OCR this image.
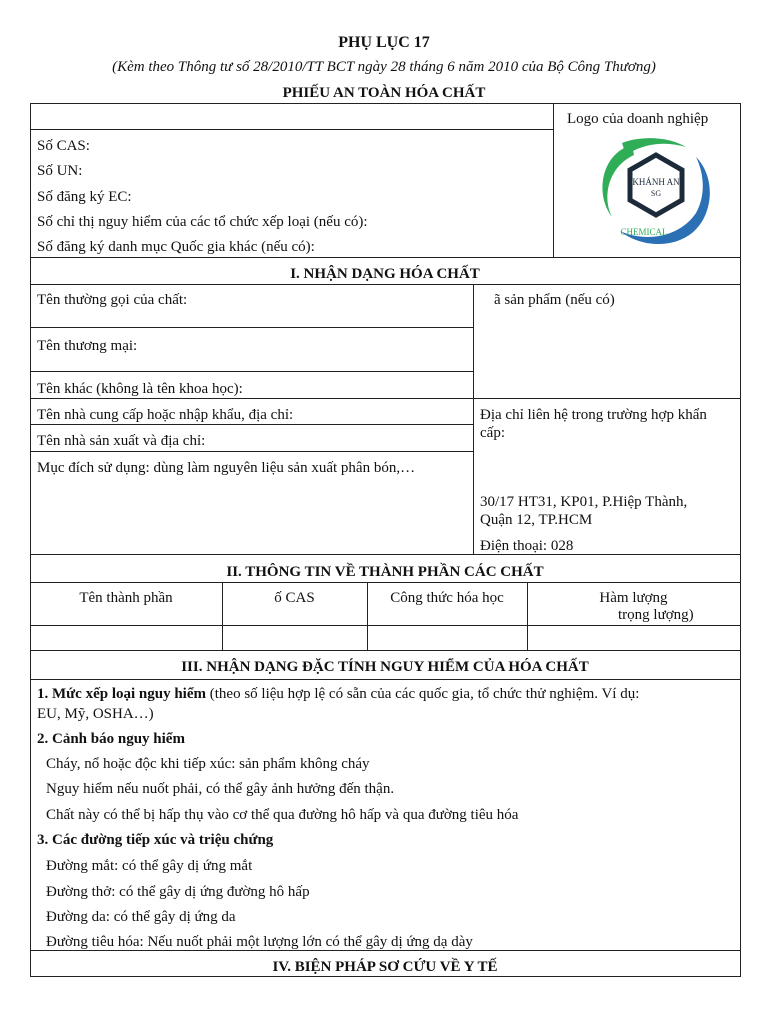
PHỤ LỤC 17
(Kèm theo Thông tư số 28/2010/TT BCT ngày 28 tháng 6 năm 2010 của Bộ Công Thương)
PHIẾU AN TOÀN HÓA CHẤT
Logo của doanh nghiệp
KHÁNH AN
SG
CHEMICAL
Số CAS:
Số UN:
Số đăng ký EC:
Số chỉ thị nguy hiểm của các tổ chức xếp loại (nếu có):
Số đăng ký danh mục Quốc gia khác (nếu có):
I. NHẬN DẠNG HÓA CHẤT
Tên thường gọi của chất:	ã sản phẩm (nếu có)
Tên thương mại:
Tên khác (không là tên khoa học):
Tên nhà cung cấp hoặc nhập khẩu, địa chỉ:
Tên nhà sản xuất và địa chỉ:
Mục đích sử dụng: dùng làm nguyên liệu sản xuất phân bón,…
Địa chỉ liên hệ trong trường hợp khẩn cấp:
30/17 HT31, KP01, P.Hiệp Thành,
Quận 12, TP.HCM
Điện thoại: 028
II. THÔNG TIN VỀ THÀNH PHẦN CÁC CHẤT
Tên thành phần	ố CAS	Công thức hóa học	Hàm lượng
trọng lượng)
III. NHẬN DẠNG ĐẶC TÍNH NGUY HIỂM CỦA HÓA CHẤT
1. Mức xếp loại nguy hiểm (theo số liệu hợp lệ có sẵn của các quốc gia, tổ chức thử nghiệm. Ví dụ:
EU, Mỹ, OSHA…)
2. Cảnh báo nguy hiểm
Cháy, nổ hoặc độc khi tiếp xúc: sản phẩm không cháy
Nguy hiểm nếu nuốt phải, có thể gây ảnh hưởng đến thận.
Chất này có thể bị hấp thụ vào cơ thể qua đường hô hấp và qua đường tiêu hóa
3. Các đường tiếp xúc và triệu chứng
Đường mắt: có thể gây dị ứng mắt
Đường thở: có thể gây dị ứng đường hô hấp
Đường da: có thể gây dị ứng da
Đường tiêu hóa: Nếu nuốt phải một lượng lớn có thể gây dị ứng dạ dày
IV. BIỆN PHÁP SƠ CỨU VỀ Y TẾ
